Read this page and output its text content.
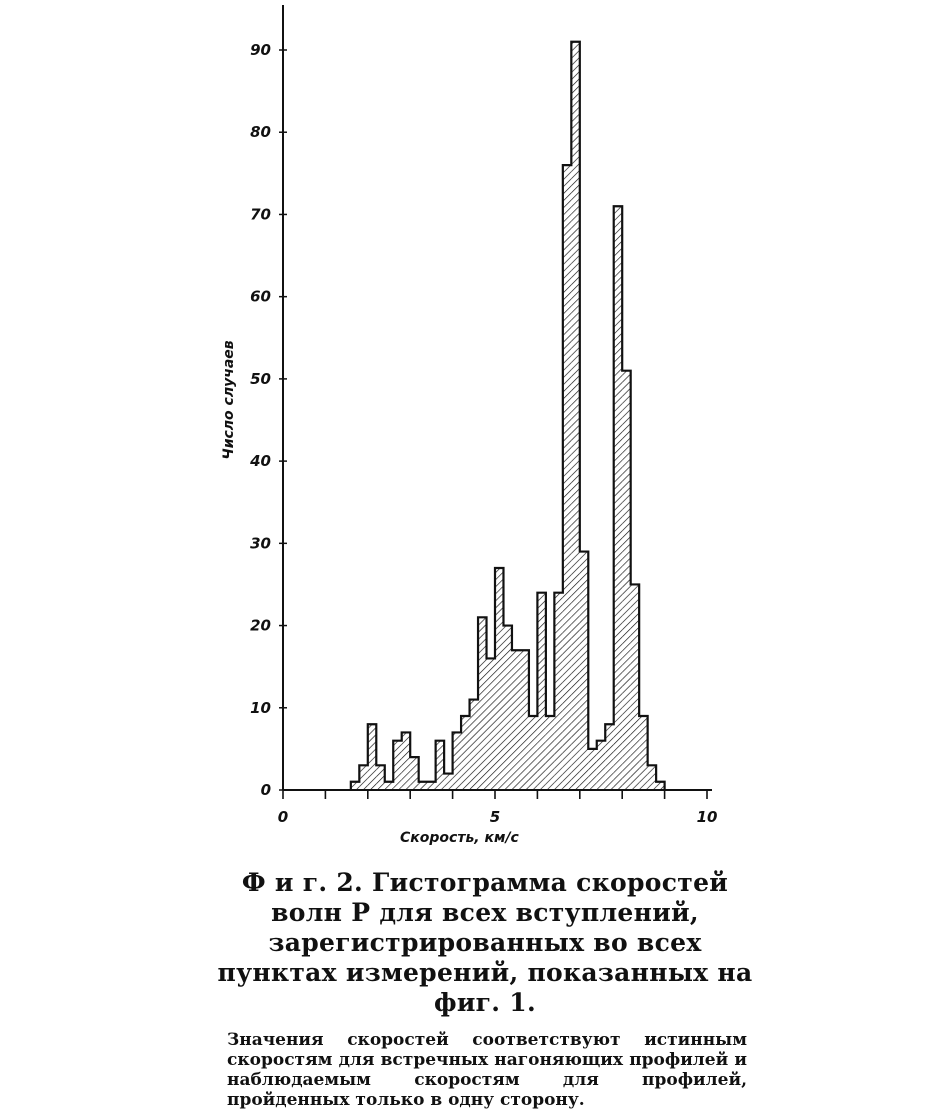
0
10
20
30
40
50
60
70
80
90
0	5	10
Число случаев
Скорость, км/с

Ф и г. 2. Гистограмма скоростей волн P для всех вступлений, зарегистрированных во всех пунктах измерений, показанных на фиг. 1.

Значения скоростей соответствуют истинным скоростям для встречных нагоняющих профилей и наблюдаемым скоростям для профилей, пройденных только в одну сторону.
